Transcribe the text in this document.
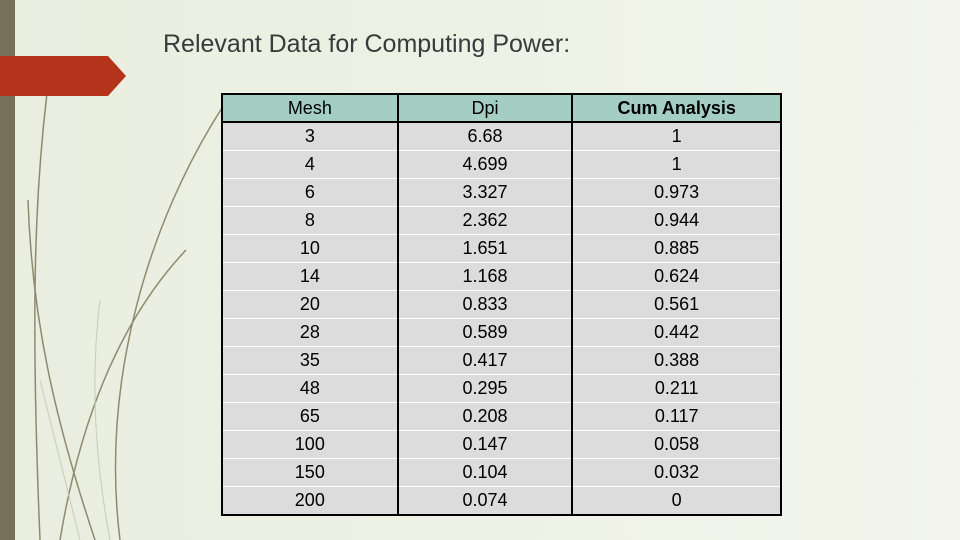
Relevant Data for Computing Power:
Mesh	Dpi	Cum Analysis
3	6.68	1
4	4.699	1
6	3.327	0.973
8	2.362	0.944
10	1.651	0.885
14	1.168	0.624
20	0.833	0.561
28	0.589	0.442
35	0.417	0.388
48	0.295	0.211
65	0.208	0.117
100	0.147	0.058
150	0.104	0.032
200	0.074	0
